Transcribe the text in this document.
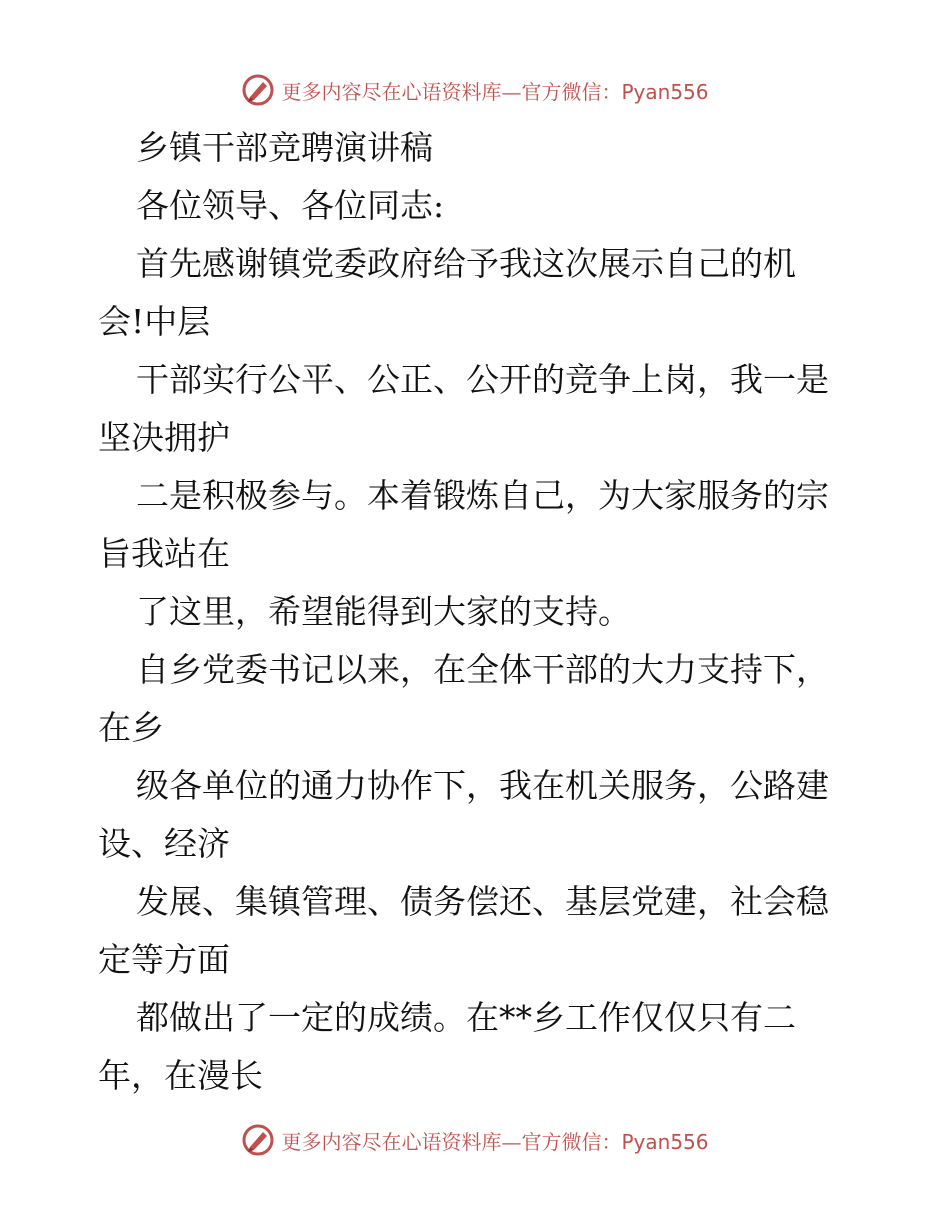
更多内容尽在心语资料库—官方微信：Pyan556
乡镇干部竞聘演讲稿
各位领导、各位同志:
首先感谢镇党委政府给予我这次展示自己的机
会!中层
干部实行公平、公正、公开的竞争上岗，我一是
坚决拥护
二是积极参与。本着锻炼自己，为大家服务的宗
旨我站在
了这里，希望能得到大家的支持。
自乡党委书记以来，在全体干部的大力支持下，
在乡
级各单位的通力协作下，我在机关服务，公路建
设、经济
发展、集镇管理、债务偿还、基层党建，社会稳
定等方面
都做出了一定的成绩。在**乡工作仅仅只有二
年，在漫长
更多内容尽在心语资料库—官方微信：Pyan556
